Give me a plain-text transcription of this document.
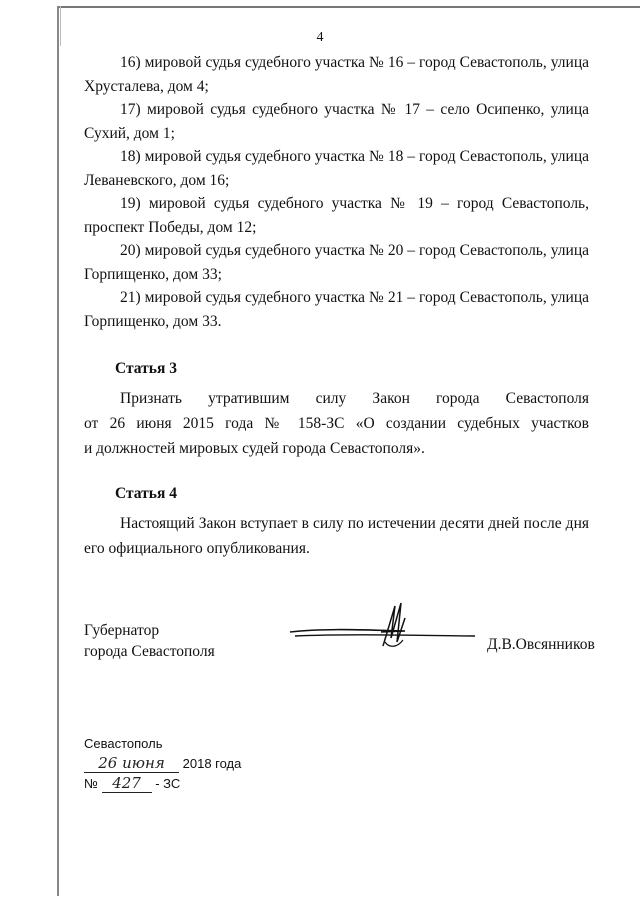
4

16) мировой судья судебного участка № 16 – город Севастополь, улица

Хрусталева, дом 4;

17) мировой судья судебного участка № 17 – село Осипенко, улица

Сухий, дом 1;

18) мировой судья судебного участка № 18 – город Севастополь, улица

Леваневского, дом 16;

19) мировой судья судебного участка № 19 – город Севастополь,

проспект Победы, дом 12;

20) мировой судья судебного участка № 20 – город Севастополь, улица

Горпищенко, дом 33;

21) мировой судья судебного участка № 21 – город Севастополь, улица

Горпищенко, дом 33.

Статья 3

Признать утратившим силу Закон города Севастополя

от 26 июня 2015 года № 158-ЗС «О создании судебных участков

и должностей мировых судей города Севастополя».

Статья 4

Настоящий Закон вступает в силу по истечении десяти дней после дня

его официального опубликования.

Губернатор
города Севастополя	Д.В.Овсянников
Севастополь
26 июня 2018 года
№ 427 - ЗС
